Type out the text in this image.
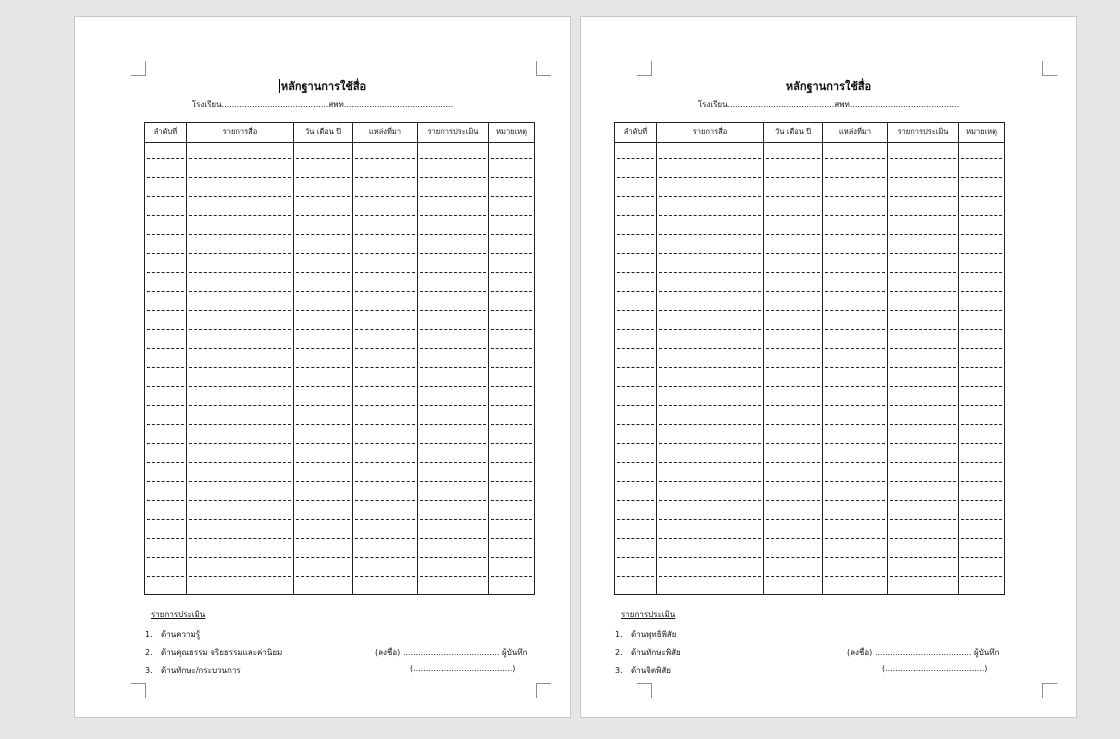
หลักฐานการใช้สื่อ
โรงเรียน..........................................สพท...........................................
ลำดับที่	รายการสื่อ	วัน เดือน ปี	แหล่งที่มา	รายการประเมิน	หมายเหตุ
รายการประเมิน
1. ด้านความรู้
2. ด้านคุณธรรม จริยธรรมและค่านิยม
3. ด้านทักษะ/กระบวนการ
(ลงชื่อ) ...................................... ผู้บันทึก
(.......................................)
หลักฐานการใช้สื่อ
โรงเรียน..........................................สพท...........................................
ลำดับที่	รายการสื่อ	วัน เดือน ปี	แหล่งที่มา	รายการประเมิน	หมายเหตุ
รายการประเมิน
1. ด้านพุทธิพิสัย
2. ด้านทักษะพิสัย
3. ด้านจิตพิสัย
(ลงชื่อ) ...................................... ผู้บันทึก
(.......................................)
